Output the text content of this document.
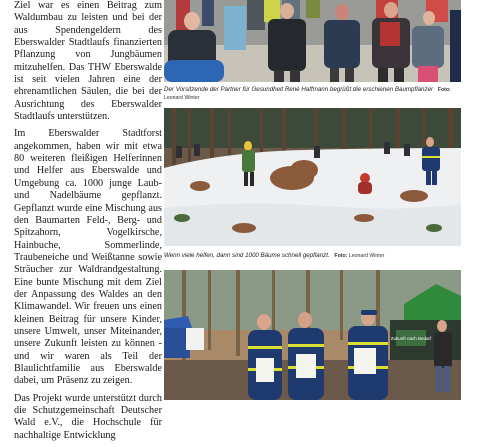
Ziel war es einen Beitrag zum Waldumbau zu leisten und bei der aus Spendengeldern des Eberswalder Stadtlaufs finanzierten Pflanzung von Jungbäumen mitzuhelfen. Das THW Eberswalde ist seit vielen Jahren eine der ehrenamtlichen Säulen, die bei der Ausrichtung des Eberswalder Stadtlaufs unterstützen.

Im Eberswalder Stadtforst angekommen, haben wir mit etwa 80 weiteren fleißigen Helferinnen und Helfer aus Eberswalde und Umgebung ca. 1000 junge Laub- und Nadelbäume gepflanzt. Gepflanzt wurde eine Mischung aus den Baumarten Feld-, Berg- und Spitzahorn, Vogelkirsche, Hainbuche, Sommerlinde, Traubeneiche und Weißtanne sowie Sträucher zur Waldrandgestaltung. Eine bunte Mischung mit dem Ziel der Anpassung des Waldes an den Klimawandel. Wir freuen uns einen kleinen Beitrag für unsere Kinder, unsere Umwelt, unser Miteinander, unsere Zukunft leisten zu können - und wir waren als Teil der Blaulichtfamilie aus Eberswalde dabei, um Präsenz zu zeigen.

Das Projekt wurde unterstützt durch die Schutzgemeinschaft Deutscher Wald e.V., die Hochschule für nachhaltige Entwicklung

Der Vorsitzende der Partner für Gesundheit René Haffmann begrüßt die erschienen Baumpflanzer Foto: Leonard Winter
Wenn viele helfen, dann sind 1000 Bäume schnell gepflanzt. Foto: Leonard Winter
Zukunft nach Bedarf
